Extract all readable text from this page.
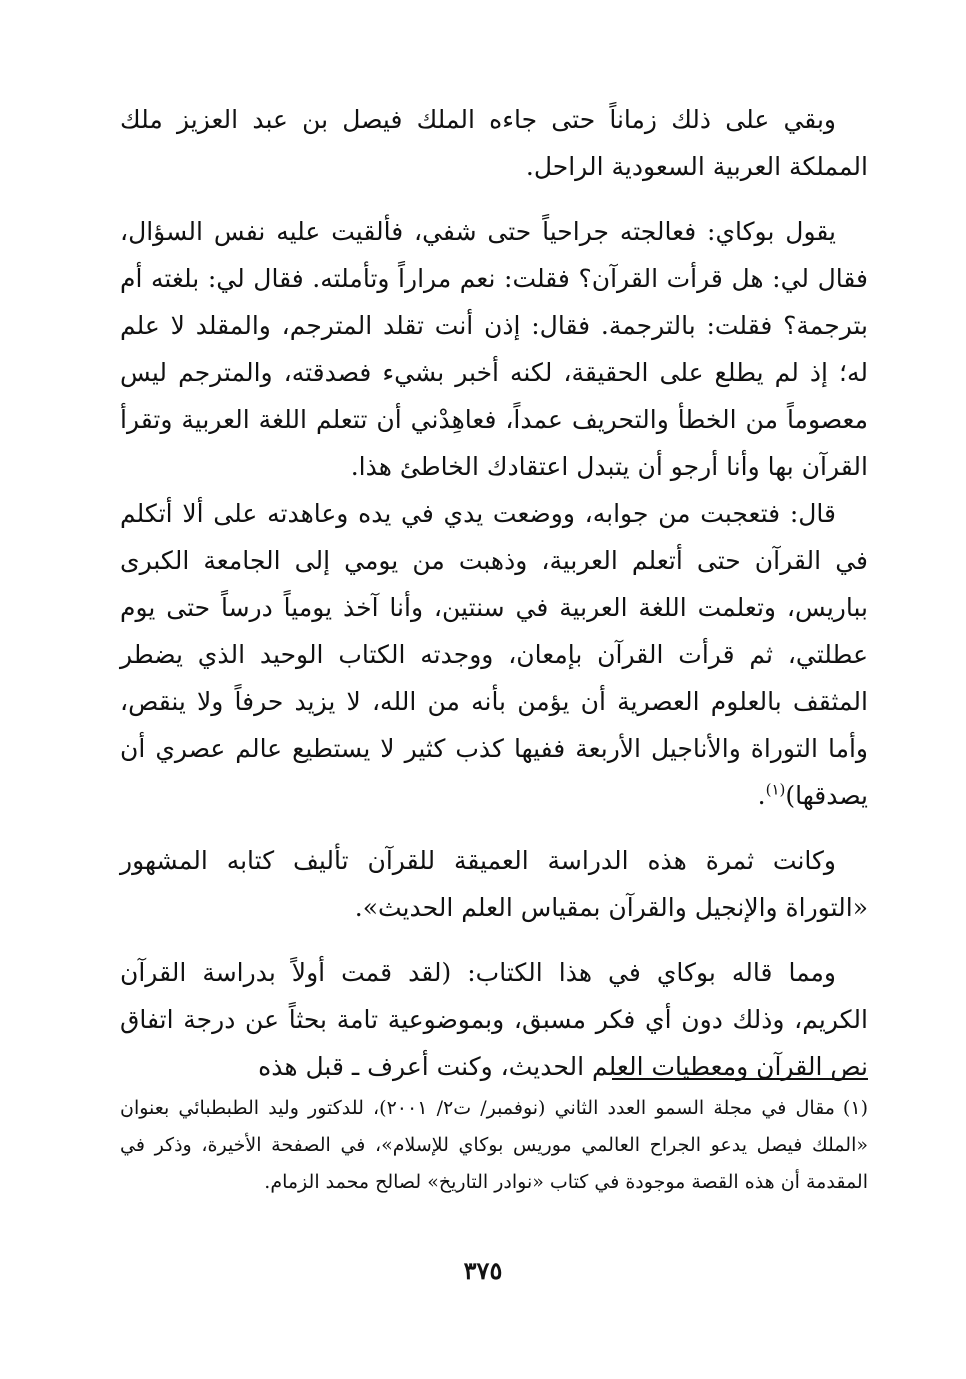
وبقي على ذلك زماناً حتى جاءه الملك فيصل بن عبد العزيز ملك المملكة العربية السعودية الراحل.

يقول بوكاي: فعالجته جراحياً حتى شفي، فألقيت عليه نفس السؤال، فقال لي: هل قرأت القرآن؟ فقلت: نعم مراراً وتأملته. فقال لي: بلغته أم بترجمة؟ فقلت: بالترجمة. فقال: إذن أنت تقلد المترجم، والمقلد لا علم له؛ إذ لم يطلع على الحقيقة، لكنه أخبر بشيء فصدقته، والمترجم ليس معصوماً من الخطأ والتحريف عمداً، فعاهِدْني أن تتعلم اللغة العربية وتقرأ القرآن بها وأنا أرجو أن يتبدل اعتقادك الخاطئ هذا.

قال: فتعجبت من جوابه، ووضعت يدي في يده وعاهدته على ألا أتكلم في القرآن حتى أتعلم العربية، وذهبت من يومي إلى الجامعة الكبرى بباريس، وتعلمت اللغة العربية في سنتين، وأنا آخذ يومياً درساً حتى يوم عطلتي، ثم قرأت القرآن بإمعان، ووجدته الكتاب الوحيد الذي يضطر المثقف بالعلوم العصرية أن يؤمن بأنه من الله، لا يزيد حرفاً ولا ينقص، وأما التوراة والأناجيل الأربعة ففيها كذب كثير لا يستطيع عالم عصري أن يصدقها)$^{(١)}$.

وكانت ثمرة هذه الدراسة العميقة للقرآن تأليف كتابه المشهور «التوراة والإنجيل والقرآن بمقياس العلم الحديث».

ومما قاله بوكاي في هذا الكتاب: (لقد قمت أولاً بدراسة القرآن الكريم، وذلك دون أي فكر مسبق، وبموضوعية تامة بحثاً عن درجة اتفاق نص القرآن ومعطيات العلم الحديث، وكنت أعرف ـ قبل هذه

(١)مقال في مجلة السمو العدد الثاني (نوفمبر/ ت٢/ ٢٠٠١)، للدكتور وليد الطبطبائي بعنوان «الملك فيصل يدعو الجراح العالمي موريس بوكاي للإسلام»، في الصفحة الأخيرة، وذكر في المقدمة أن هذه القصة موجودة في كتاب «نوادر التاريخ» لصالح محمد الزمام.

٣٧٥
